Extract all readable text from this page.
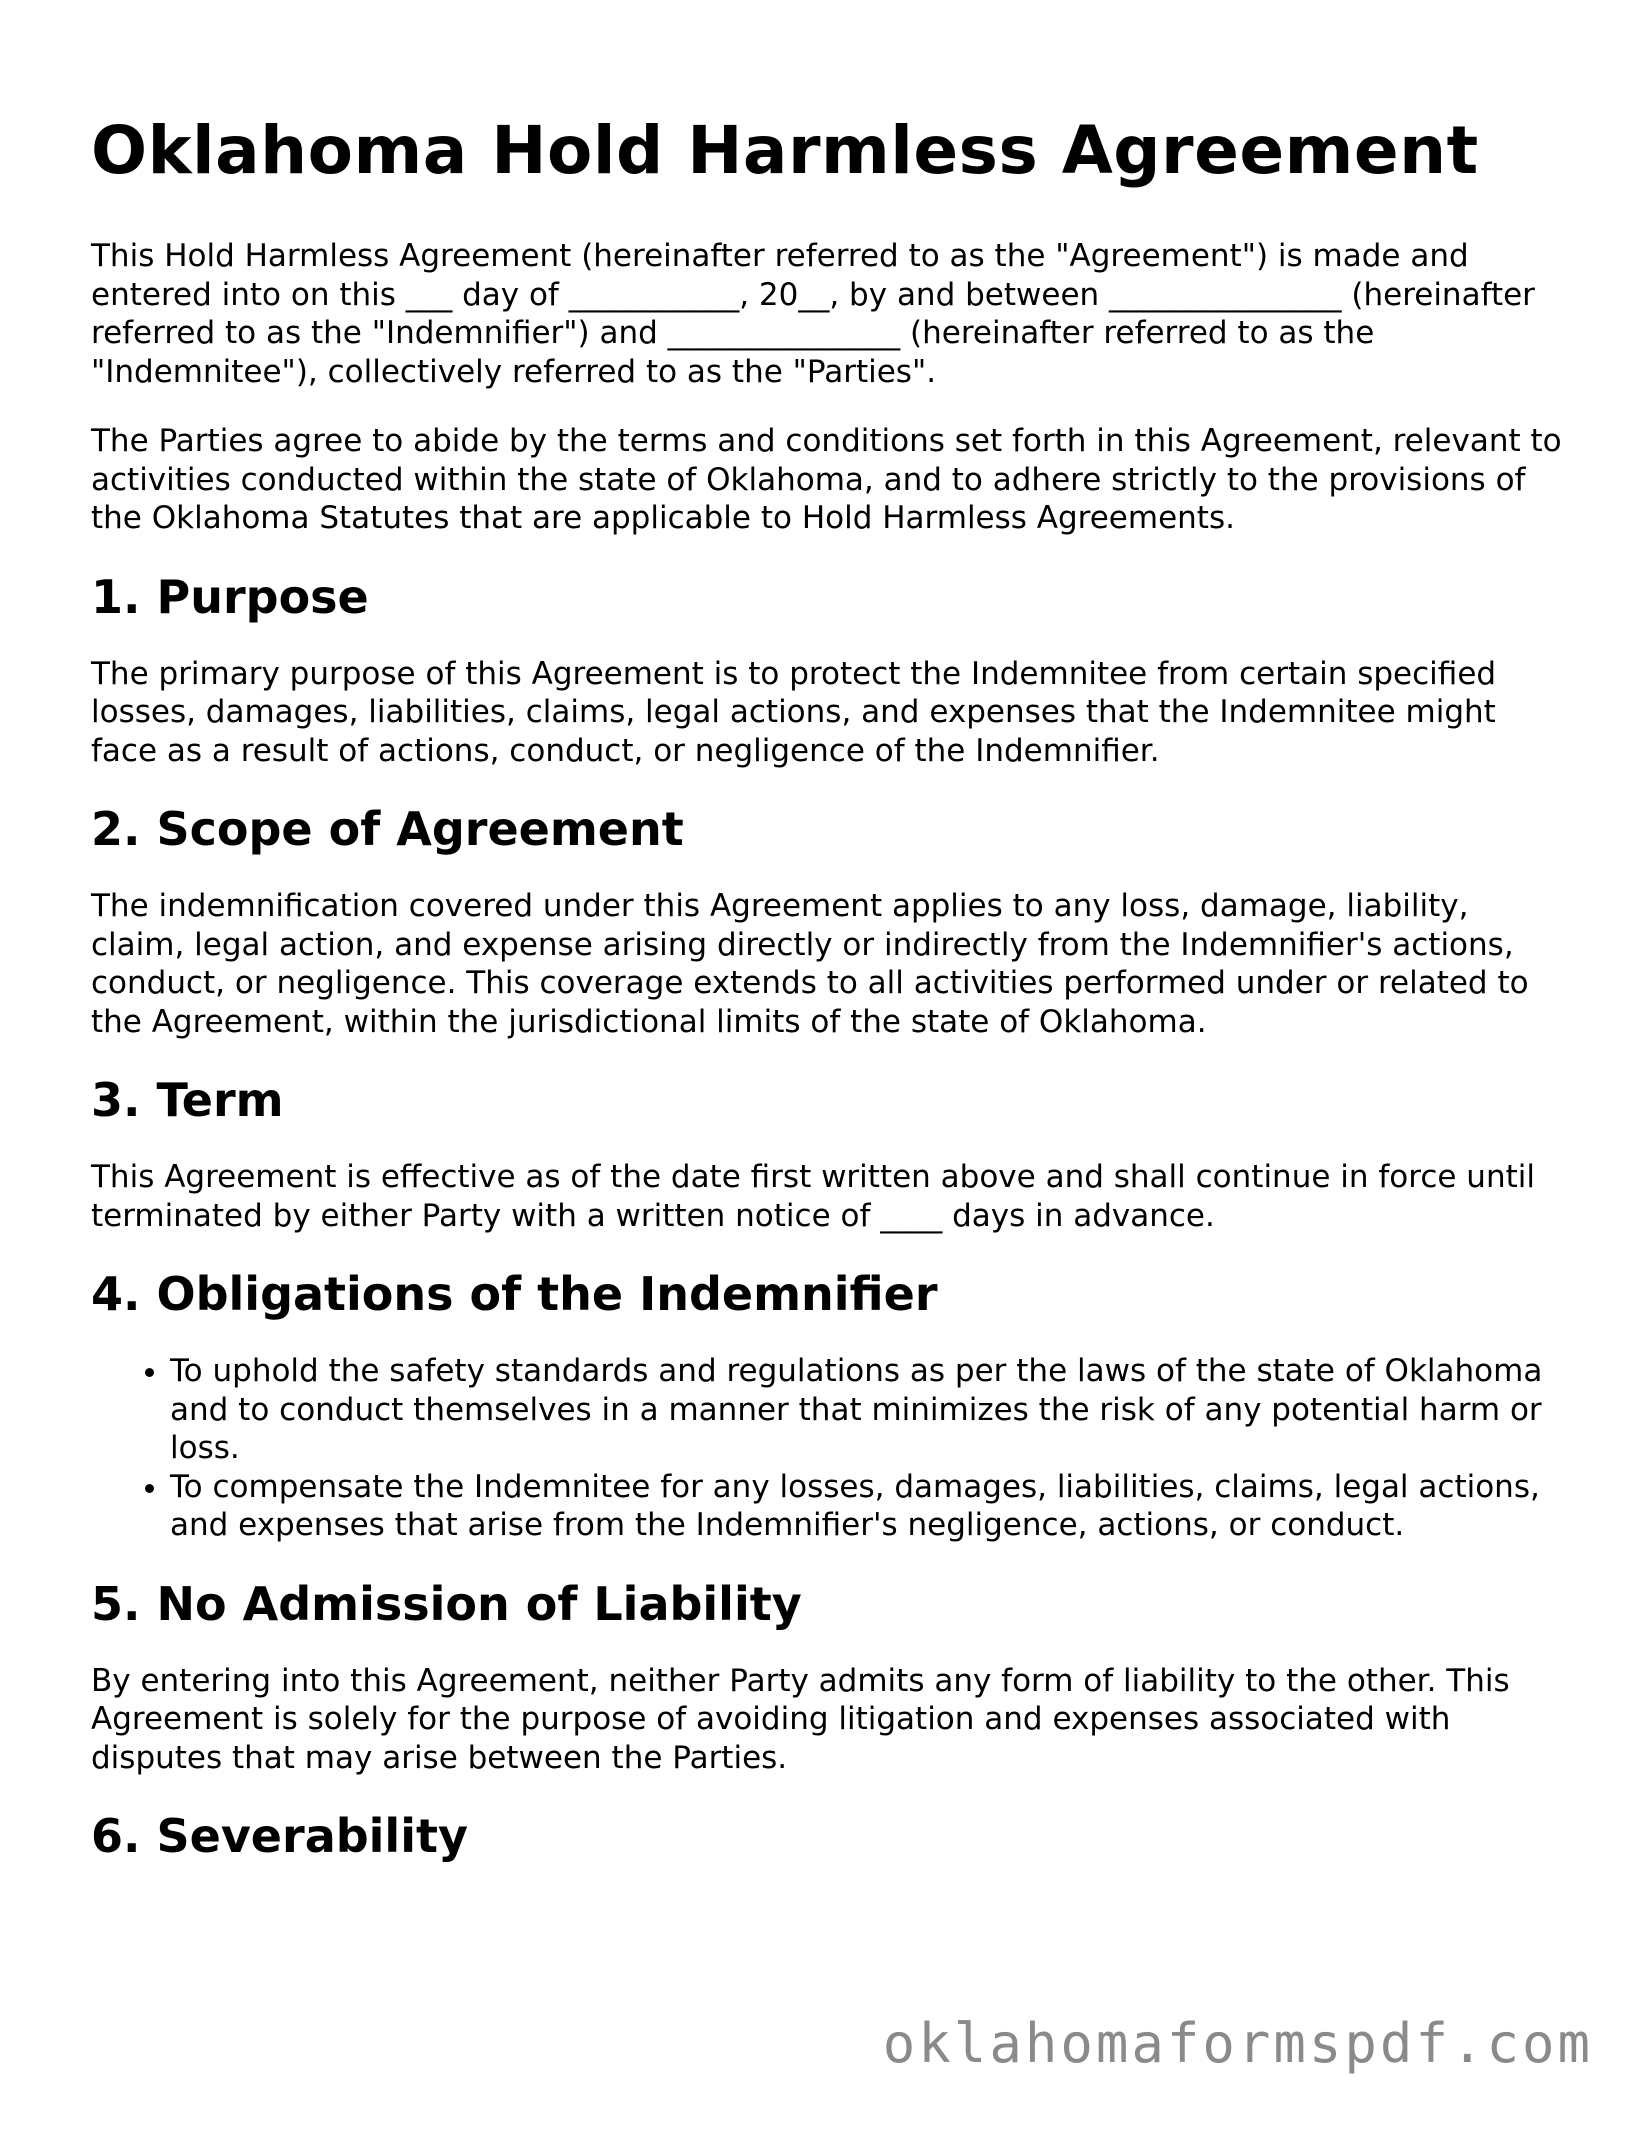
Oklahoma Hold Harmless Agreement

This Hold Harmless Agreement (hereinafter referred to as the "Agreement") is made and entered into on this ___ day of ___________, 20__, by and between _______________ (hereinafter referred to as the "Indemnifier") and _______________ (hereinafter referred to as the "Indemnitee"), collectively referred to as the "Parties".

The Parties agree to abide by the terms and conditions set forth in this Agreement, relevant to activities conducted within the state of Oklahoma, and to adhere strictly to the provisions of the Oklahoma Statutes that are applicable to Hold Harmless Agreements.

1. Purpose

The primary purpose of this Agreement is to protect the Indemnitee from certain specified losses, damages, liabilities, claims, legal actions, and expenses that the Indemnitee might face as a result of actions, conduct, or negligence of the Indemnifier.

2. Scope of Agreement

The indemnification covered under this Agreement applies to any loss, damage, liability, claim, legal action, and expense arising directly or indirectly from the Indemnifier's actions, conduct, or negligence. This coverage extends to all activities performed under or related to the Agreement, within the jurisdictional limits of the state of Oklahoma.

3. Term

This Agreement is effective as of the date first written above and shall continue in force until terminated by either Party with a written notice of ____ days in advance.

4. Obligations of the Indemnifier
• To uphold the safety standards and regulations as per the laws of the state of Oklahoma and to conduct themselves in a manner that minimizes the risk of any potential harm or loss.
• To compensate the Indemnitee for any losses, damages, liabilities, claims, legal actions, and expenses that arise from the Indemnifier's negligence, actions, or conduct.
5. No Admission of Liability

By entering into this Agreement, neither Party admits any form of liability to the other. This Agreement is solely for the purpose of avoiding litigation and expenses associated with disputes that may arise between the Parties.

6. Severability
oklahomaformspdf.com
